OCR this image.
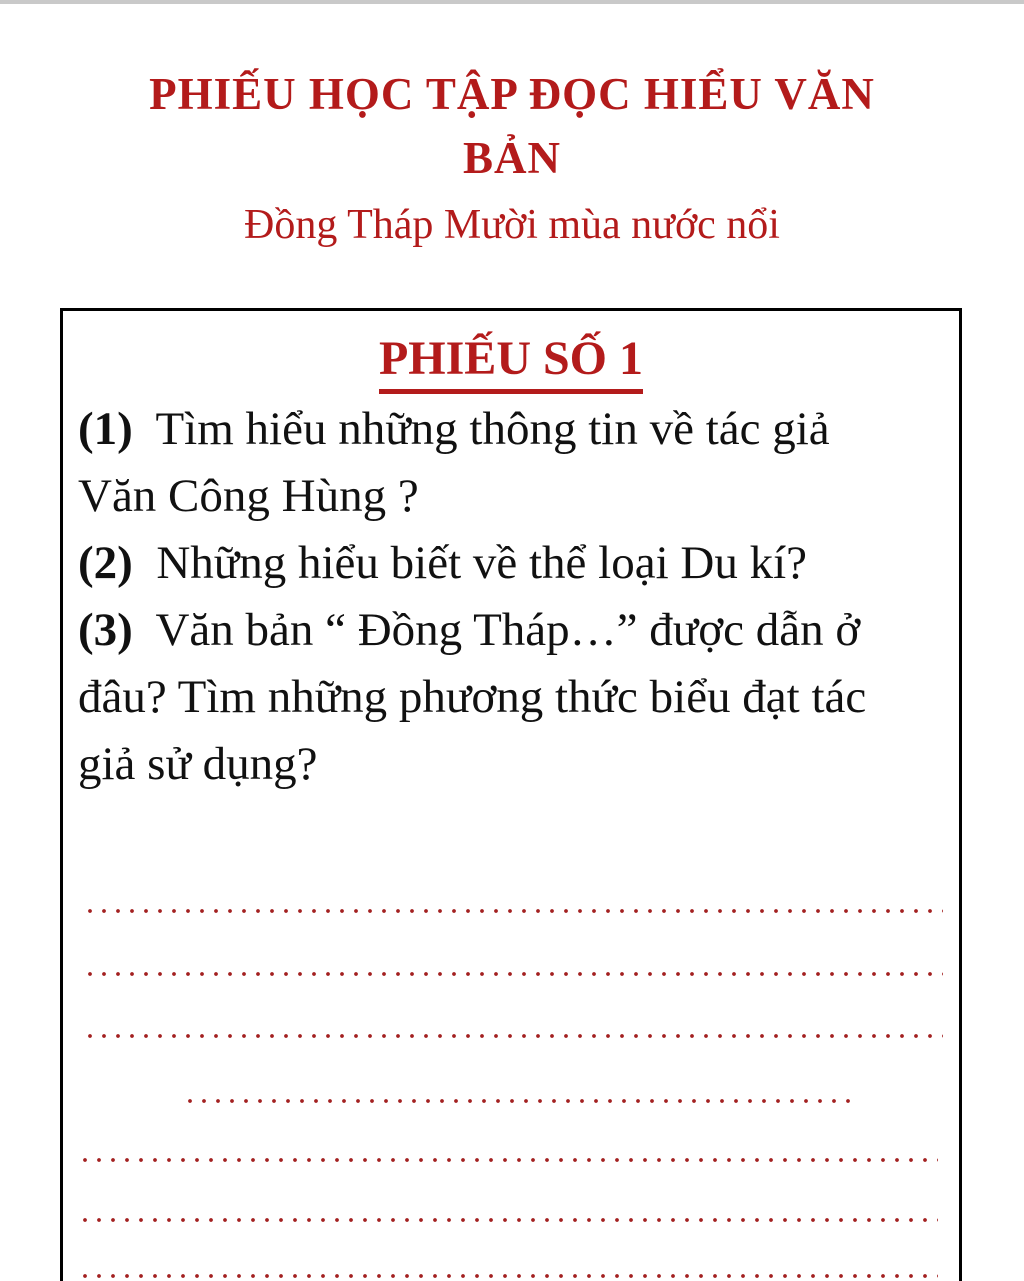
PHIẾU HỌC TẬP ĐỌC HIỂU VĂN BẢN
Đồng Tháp Mười mùa nước nổi
PHIẾU SỐ 1

(1) Tìm hiểu những thông tin về tác giả Văn Công Hùng ?

(2) Những hiểu biết về thể loại Du kí?

(3) Văn bản “ Đồng Tháp…” được dẫn ở đâu? Tìm những phương thức biểu đạt tác giả sử dụng?
